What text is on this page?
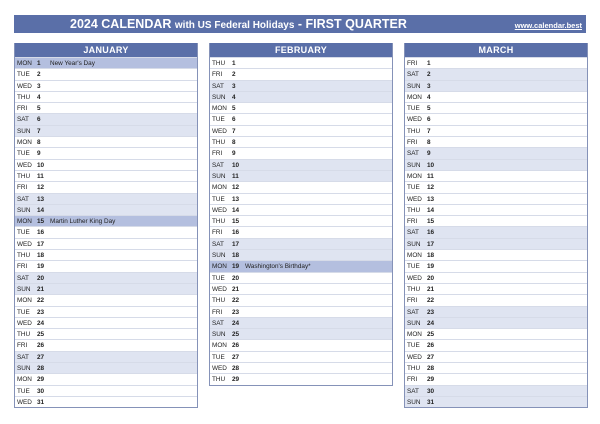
2024 CALENDAR with US Federal Holidays - FIRST QUARTER	www.calendar.best
JANUARY
MON 1 New Year's Day
TUE	2
WED 3
THU	4
FRI	5
SAT	6
SUN	7
MON 8
TUE	9
WED 10
THU	11
FRI	12
SAT	13
SUN	14
MON 15 Martin Luther King Day
TUE	16
WED 17
THU	18
FRI	19
SAT	20
SUN	21
MON 22
TUE	23
WED 24
THU	25
FRI	26
SAT	27
SUN	28
MON 29
TUE	30
WED 31
FEBRUARY
THU	1
FRI	2
SAT	3
SUN	4
MON 5
TUE	6
WED 7
THU	8
FRI	9
SAT	10
SUN	11
MON 12
TUE	13
WED 14
THU	15
FRI	16
SAT	17
SUN	18
MON 19 Washington's Birthday*
TUE	20
WED 21
THU	22
FRI	23
SAT	24
SUN	25
MON 26
TUE	27
WED 28
THU	29
MARCH
FRI	1
SAT	2
SUN	3
MON 4
TUE	5
WED 6
THU	7
FRI	8
SAT	9
SUN	10
MON 11
TUE	12
WED 13
THU	14
FRI	15
SAT	16
SUN	17
MON 18
TUE	19
WED 20
THU	21
FRI	22
SAT	23
SUN	24
MON 25
TUE	26
WED 27
THU	28
FRI	29
SAT	30
SUN	31
